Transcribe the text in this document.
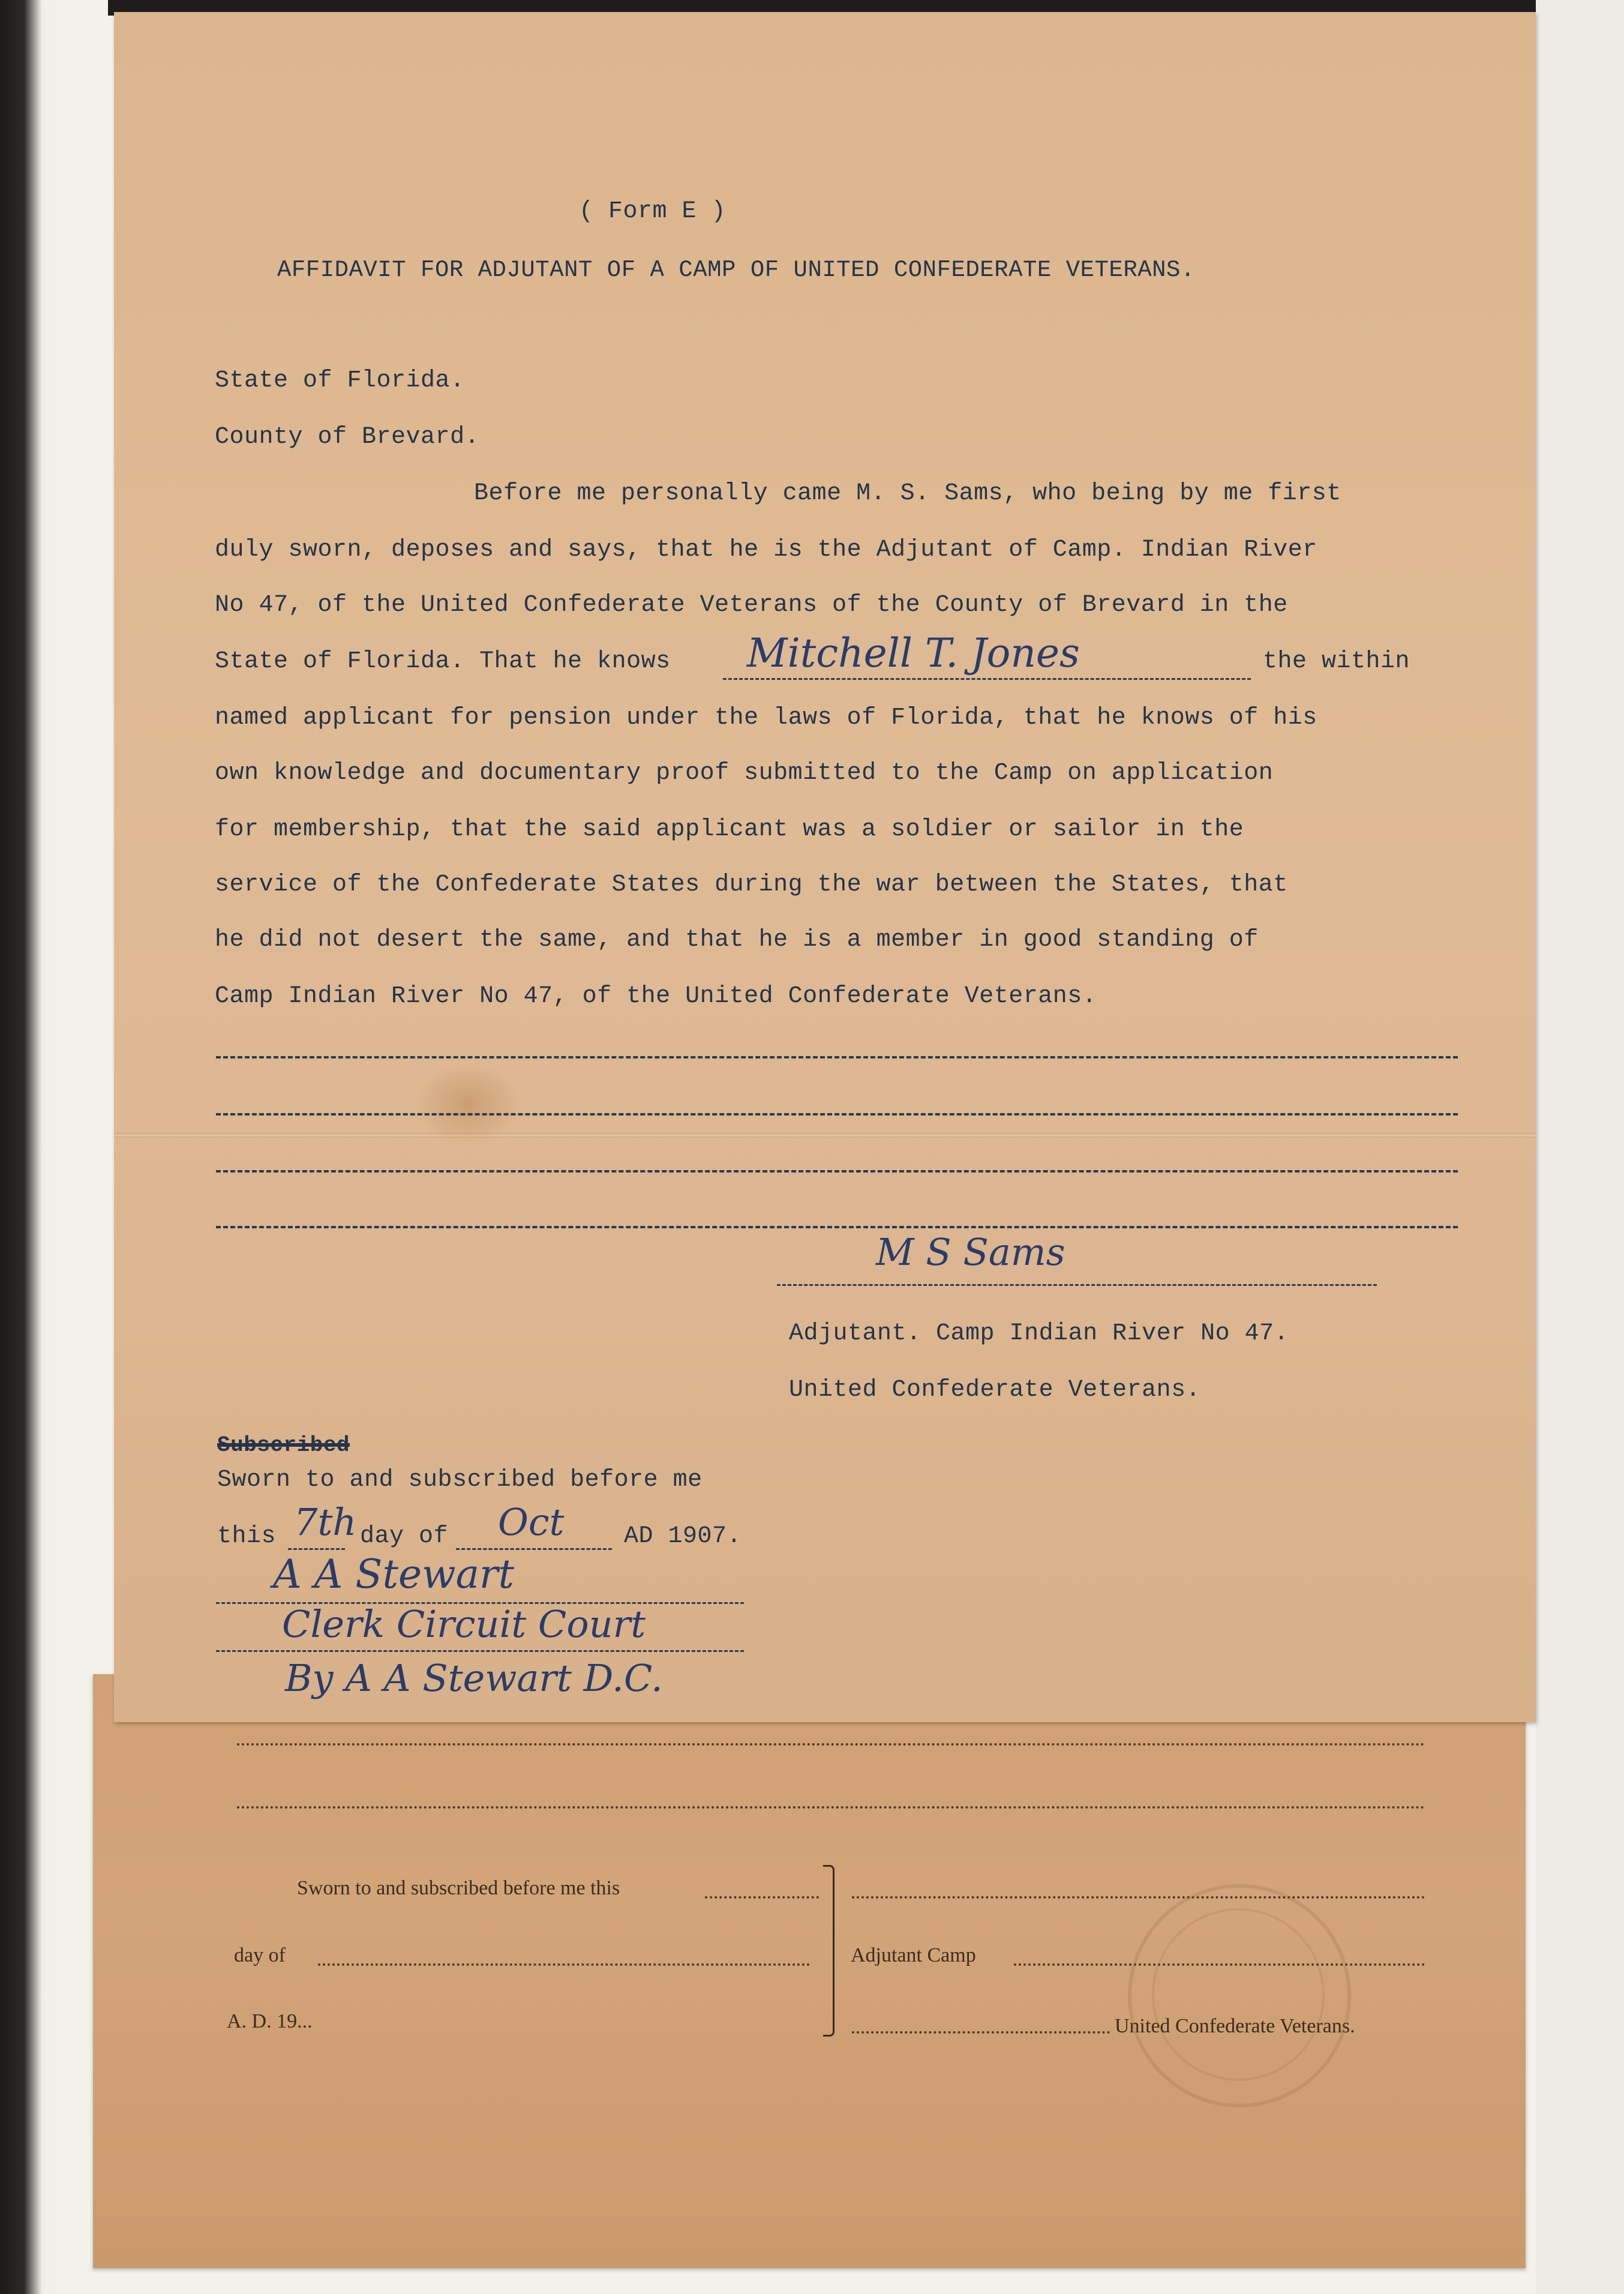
Sworn to and subscribed before me this
day of
A. D. 19...
Adjutant Camp
United Confederate Veterans.
( Form E )
AFFIDAVIT FOR ADJUTANT OF A CAMP OF UNITED CONFEDERATE VETERANS.
State of Florida.
County of Brevard.
Before me personally came M. S. Sams, who being by me first
duly sworn, deposes and says, that he is the Adjutant of Camp. Indian River
No 47, of the United Confederate Veterans of the County of Brevard in the
State of Florida. That he knows Mitchell T. Jones	the within
named applicant for pension under the laws of Florida, that he knows of his
own knowledge and documentary proof submitted to the Camp on application
for membership, that the said applicant was a soldier or sailor in the
service of the Confederate States during the war between the States, that
he did not desert the same, and that he is a member in good standing of
Camp Indian River No 47, of the United Confederate Veterans.
M S Sams
Adjutant. Camp Indian River No 47.
United Confederate Veterans.
Subscribed
Sworn to and subscribed before me
this 7th day of Oct AD 1907.
A A Stewart
Clerk Circuit Court
By A A Stewart D.C.
